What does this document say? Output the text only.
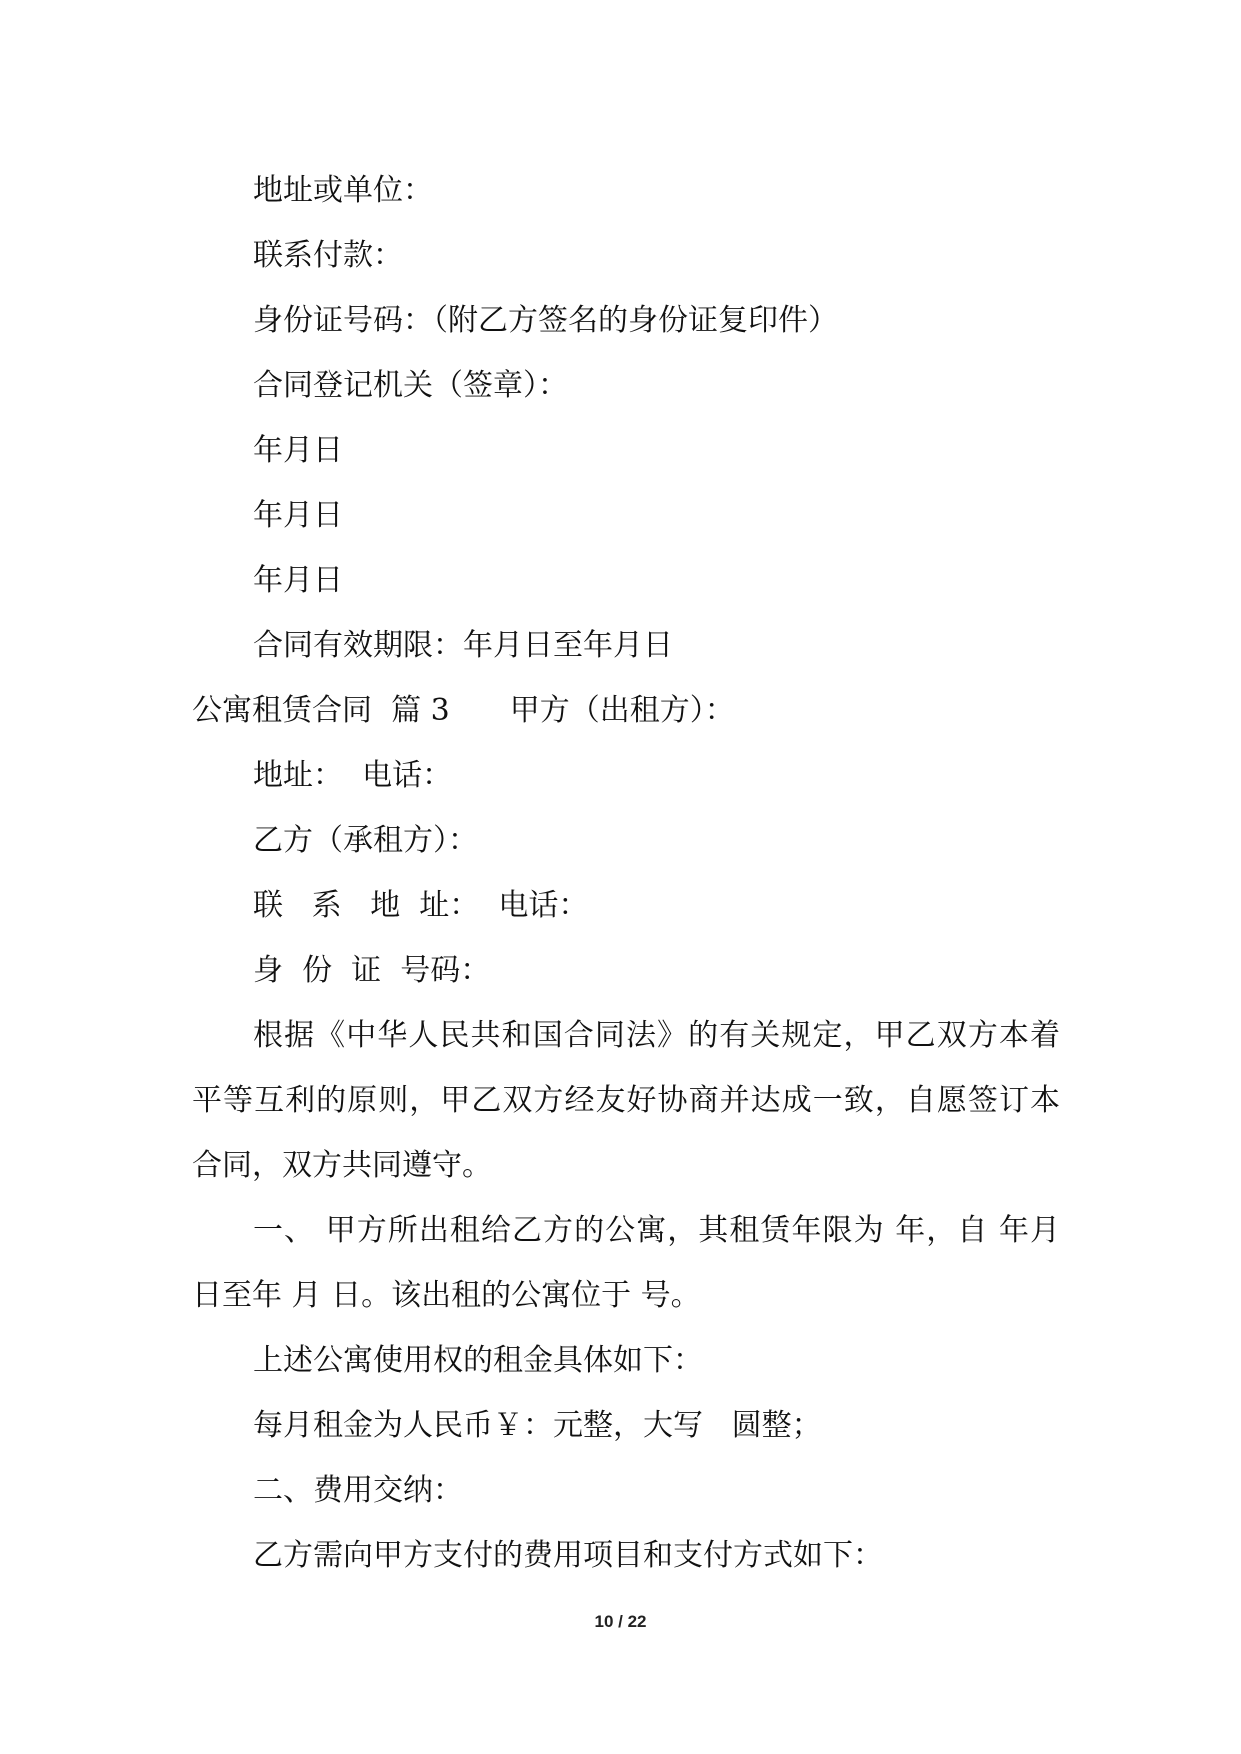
地址或单位：
联系付款：
身份证号码：（附乙方签名的身份证复印件）
合同登记机关（签章）：
年月日
年月日
年月日
合同有效期限：年月日至年月日
公寓租赁合同  篇 3 甲方（出租方）：
地址：  电话：
乙方（承租方）：
联   系   地  址：  电话：
身  份  证  号码：
根据《中华人民共和国合同法》的有关规定，甲乙双方本着平等互利的原则，甲乙双方经友好协商并达成一致，自愿签订本合同，双方共同遵守。
一、 甲方所出租给乙方的公寓，其租赁年限为 年，自 年月日至年 月 日。该出租的公寓位于 号。
上述公寓使用权的租金具体如下：
每月租金为人民币￥：元整，大写   圆整；
二、费用交纳：
乙方需向甲方支付的费用项目和支付方式如下：
10 / 22
